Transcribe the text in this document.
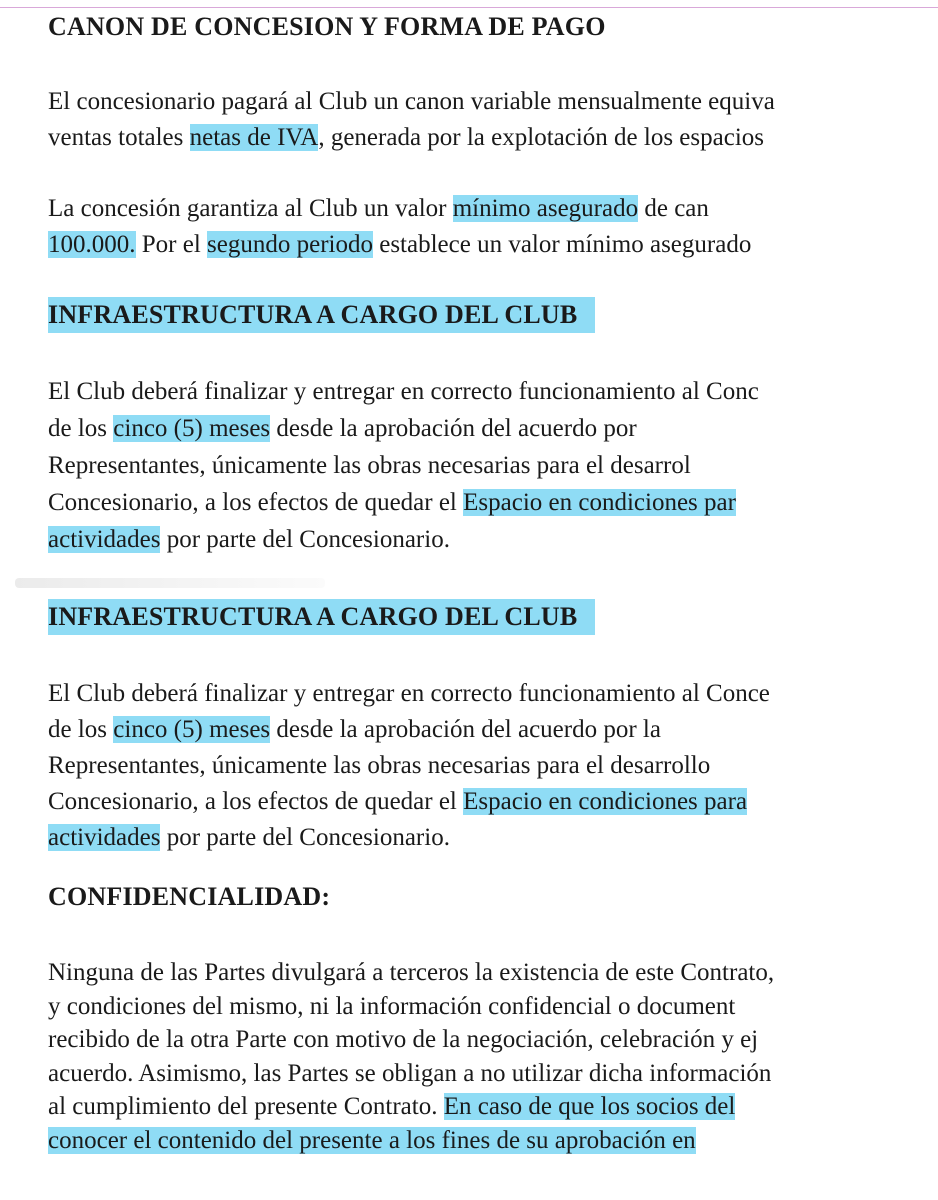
CANON DE CONCESION Y FORMA DE PAGO
El concesionario pagará al Club un canon variable mensualmente equiva
ventas totales netas de IVA, generada por la explotación de los espacios
La concesión garantiza al Club un valor mínimo asegurado de can
100.000. Por el segundo periodo establece un valor mínimo asegurado
INFRAESTRUCTURA A CARGO DEL CLUB
El Club deberá finalizar y entregar en correcto funcionamiento al Conc
de los cinco (5) meses desde la aprobación del acuerdo por
Representantes, únicamente las obras necesarias para el desarrol
Concesionario, a los efectos de quedar el Espacio en condiciones par
actividades por parte del Concesionario.
INFRAESTRUCTURA A CARGO DEL CLUB
El Club deberá finalizar y entregar en correcto funcionamiento al Conce
de los cinco (5) meses desde la aprobación del acuerdo por la
Representantes, únicamente las obras necesarias para el desarrollo
Concesionario, a los efectos de quedar el Espacio en condiciones para
actividades por parte del Concesionario.
CONFIDENCIALIDAD:
Ninguna de las Partes divulgará a terceros la existencia de este Contrato,
y condiciones del mismo, ni la información confidencial o document
recibido de la otra Parte con motivo de la negociación, celebración y ej
acuerdo. Asimismo, las Partes se obligan a no utilizar dicha información
al cumplimiento del presente Contrato. En caso de que los socios del
conocer el contenido del presente a los fines de su aprobación en
